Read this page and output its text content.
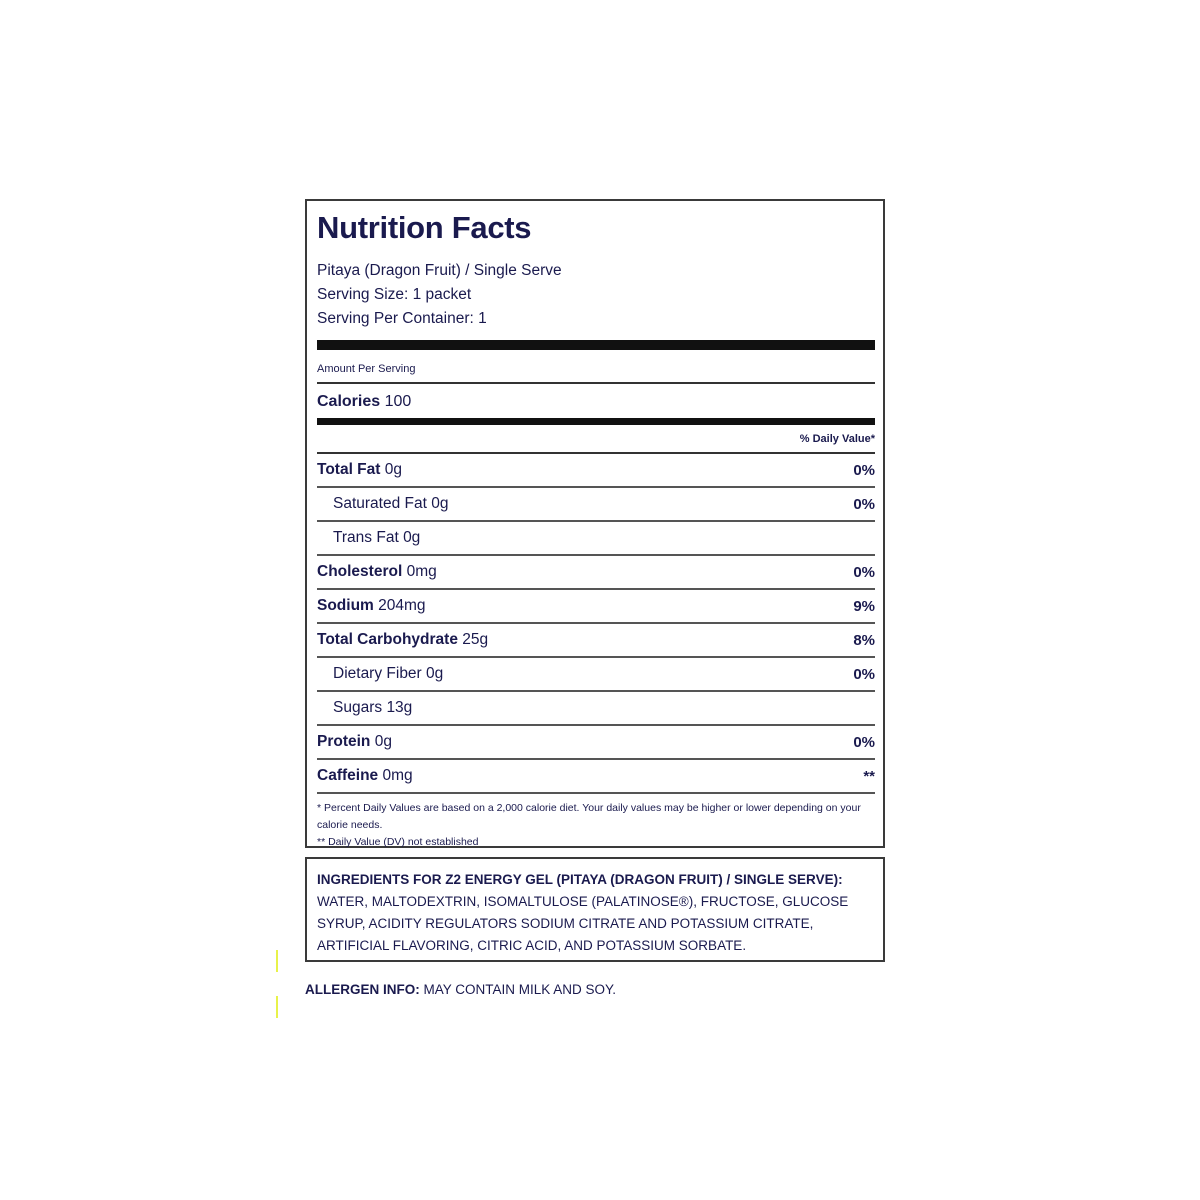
Nutrition Facts
Pitaya (Dragon Fruit) / Single Serve
Serving Size: 1 packet
Serving Per Container: 1
Amount Per Serving
Calories 100
% Daily Value*
Total Fat 0g	0%
Saturated Fat 0g	0%
Trans Fat 0g
Cholesterol 0mg	0%
Sodium 204mg	9%
Total Carbohydrate 25g	8%
Dietary Fiber 0g	0%
Sugars 13g
Protein 0g	0%
Caffeine 0mg	**
* Percent Daily Values are based on a 2,000 calorie diet. Your daily values may be higher or lower depending on your calorie needs.
** Daily Value (DV) not established
INGREDIENTS FOR Z2 ENERGY GEL (PITAYA (DRAGON FRUIT) / SINGLE SERVE):
WATER, MALTODEXTRIN, ISOMALTULOSE (PALATINOSE®), FRUCTOSE, GLUCOSE SYRUP, ACIDITY REGULATORS SODIUM CITRATE AND POTASSIUM CITRATE, ARTIFICIAL FLAVORING, CITRIC ACID, AND POTASSIUM SORBATE.
ALLERGEN INFO: MAY CONTAIN MILK AND SOY.
